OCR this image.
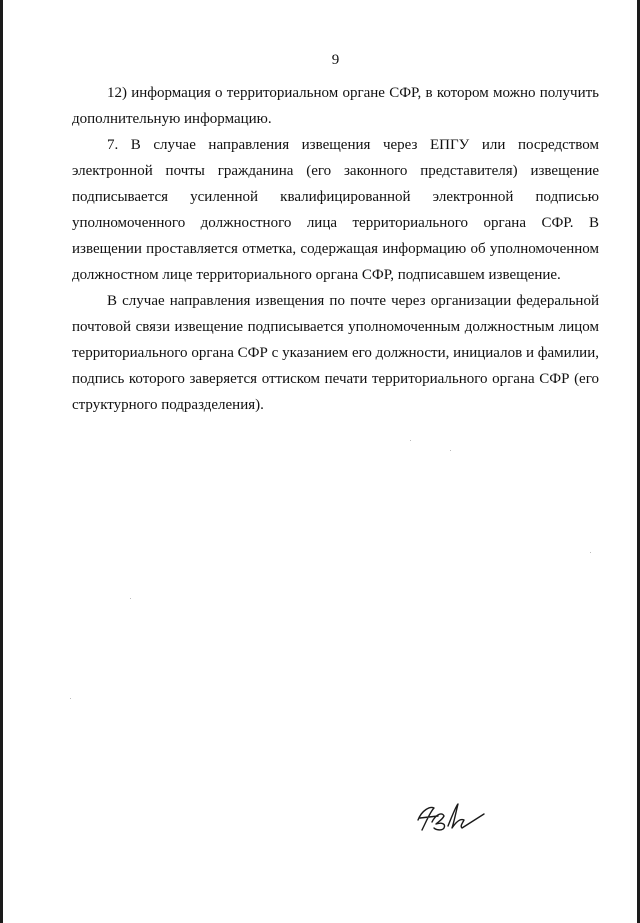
9

12) информация о территориальном органе СФР, в котором можно получить дополнительную информацию.

7. В случае направления извещения через ЕПГУ или посредством электронной почты гражданина (его законного представителя) извещение подписывается усиленной квалифицированной электронной подписью уполномоченного должностного лица территориального органа СФР. В извещении проставляется отметка, содержащая информацию об уполномоченном должностном лице территориального органа СФР, подписавшем извещение.

В случае направления извещения по почте через организации федеральной почтовой связи извещение подписывается уполномоченным должностным лицом территориального органа СФР с указанием его должности, инициалов и фамилии, подпись которого заверяется оттиском печати территориального органа СФР (его структурного подразделения).
